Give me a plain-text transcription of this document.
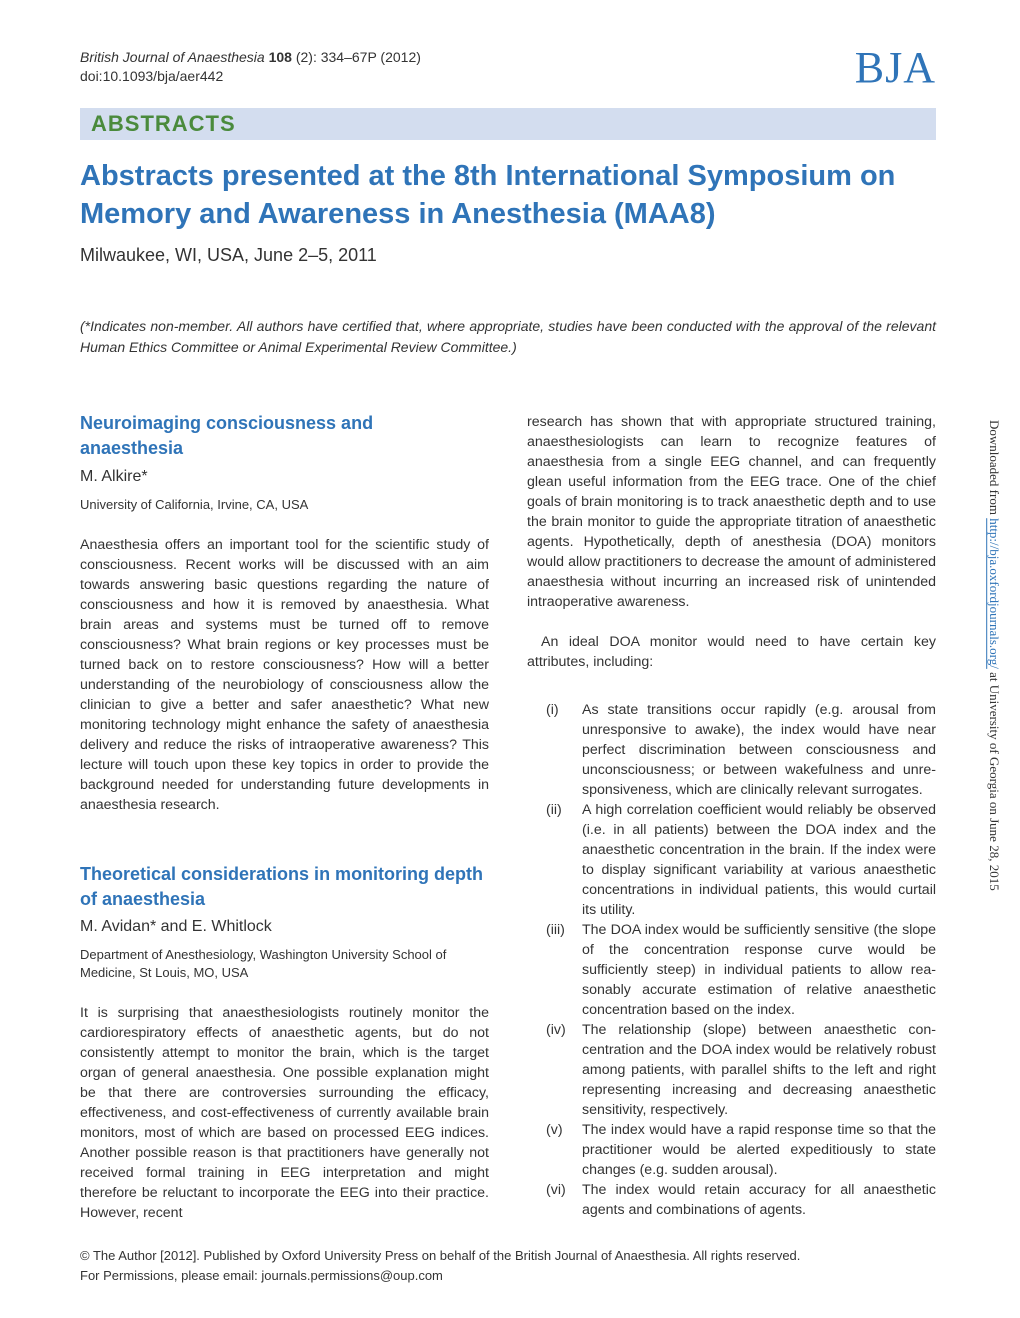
British Journal of Anaesthesia 108 (2): 334–67P (2012)
doi:10.1093/bja/aer442	BJA
ABSTRACTS
Abstracts presented at the 8th International Symposium on Memory and Awareness in Anesthesia (MAA8)
Milwaukee, WI, USA, June 2–5, 2011
(*Indicates non-member. All authors have certified that, where appropriate, studies have been conducted with the approval of the relevant Human Ethics Committee or Animal Experimental Review Committee.)
Neuroimaging consciousness and anaesthesia
M. Alkire*
University of California, Irvine, CA, USA
Anaesthesia offers an important tool for the scientific study of consciousness. Recent works will be discussed with an aim towards answering basic questions regarding the nature of consciousness and how it is removed by anaesthesia. What brain areas and systems must be turned off to remove consciousness? What brain regions or key processes must be turned back on to restore consciousness? How will a better understanding of the neurobiology of consciousness allow the clinician to give a better and safer anaesthetic? What new monitoring technology might enhance the safety of anaesthesia delivery and reduce the risks of intraoperative awareness? This lecture will touch upon these key topics in order to provide the background needed for understanding future developments in anaesthesia research.
Theoretical considerations in monitoring depth of anaesthesia
M. Avidan* and E. Whitlock
Department of Anesthesiology, Washington University School of Medicine, St Louis, MO, USA
It is surprising that anaesthesiologists routinely monitor the cardiorespiratory effects of anaesthetic agents, but do not consistently attempt to monitor the brain, which is the target organ of general anaesthesia. One possible explanation might be that there are controversies surrounding the efficacy, effectiveness, and cost-effectiveness of currently available brain monitors, most of which are based on processed EEG indices. Another possible reason is that practitioners have generally not received formal training in EEG interpretation and might therefore be reluctant to incorporate the EEG into their practice. However, recent
research has shown that with appropriate structured training, anaesthesiologists can learn to recognize features of anaesthesia from a single EEG channel, and can frequently glean useful information from the EEG trace. One of the chief goals of brain monitoring is to track anaesthetic depth and to use the brain monitor to guide the appropriate titration of anaesthetic agents. Hypothetically, depth of anesthesia (DOA) monitors would allow practitioners to decrease the amount of administered anaesthesia without incurring an increased risk of unintended intraoperative awareness.
An ideal DOA monitor would need to have certain key attributes, including:
(i)	As state transitions occur rapidly (e.g. arousal from unresponsive to awake), the index would have near perfect discrimination between consciousness and unconsciousness; or between wakefulness and unresponsiveness, which are clinically relevant surrogates.
(ii)	A high correlation coefficient would reliably be observed (i.e. in all patients) between the DOA index and the anaesthetic concentration in the brain. If the index were to display significant variability at various anaesthetic concentrations in individual patients, this would curtail its utility.
(iii)	The DOA index would be sufficiently sensitive (the slope of the concentration response curve would be sufficiently steep) in individual patients to allow reasonably accurate estimation of relative anaesthetic concentration based on the index.
(iv)	The relationship (slope) between anaesthetic concentration and the DOA index would be relatively robust among patients, with parallel shifts to the left and right representing increasing and decreasing anaesthetic sensitivity, respectively.
(v)	The index would have a rapid response time so that the practitioner would be alerted expeditiously to state changes (e.g. sudden arousal).
(vi)	The index would retain accuracy for all anaesthetic agents and combinations of agents.
© The Author [2012]. Published by Oxford University Press on behalf of the British Journal of Anaesthesia. All rights reserved.
For Permissions, please email: journals.permissions@oup.com
Downloaded from http://bja.oxfordjournals.org/ at University of Georgia on June 28, 2015
